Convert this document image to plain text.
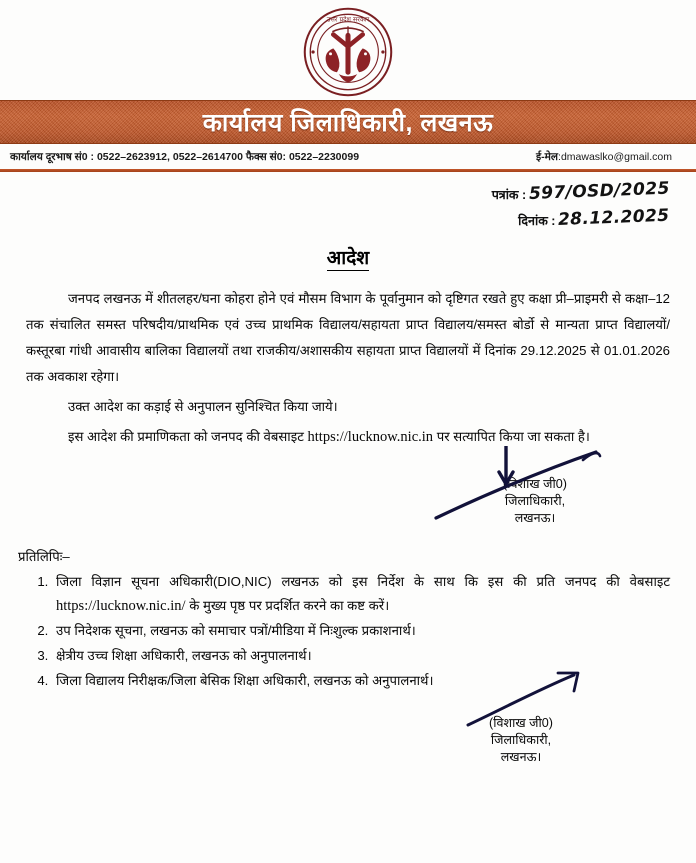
उत्तर प्रदेश सरकार
कार्यालय जिलाधिकारी, लखनऊ
कार्यालय दूरभाष सं0 : 0522–2623912, 0522–2614700 फैक्स सं0: 0522–2230099	ई-मेल:dmawaslko@gmail.com
पत्रांक : 597/OSD/2025
दिनांक : 28.12.2025
आदेश

जनपद लखनऊ में शीतलहर/घना कोहरा होने एवं मौसम विभाग के पूर्वानुमान को दृष्टिगत रखते हुए कक्षा प्री–प्राइमरी से कक्षा–12 तक संचालित समस्त परिषदीय/प्राथमिक एवं उच्च प्राथमिक विद्यालय/सहायता प्राप्त विद्यालय/समस्त बोर्डो से मान्यता प्राप्त विद्यालयों/कस्तूरबा गांधी आवासीय बालिका विद्यालयों तथा राजकीय/अशासकीय सहायता प्राप्त विद्यालयों में दिनांक 29.12.2025 से 01.01.2026 तक अवकाश रहेगा।

उक्त आदेश का कड़ाई से अनुपालन सुनिश्चित किया जाये।

इस आदेश की प्रमाणिकता को जनपद की वेबसाइट https://lucknow.nic.in पर सत्यापित किया जा सकता है।

(विशाख जी0)
जिलाधिकारी,
लखनऊ।
प्रतिलिपिः–
1. जिला विज्ञान सूचना अधिकारी(DIO,NIC) लखनऊ को इस निर्देश के साथ कि इस की प्रति जनपद की वेबसाइट https://lucknow.nic.in/ के मुख्य पृष्ठ पर प्रदर्शित करने का कष्ट करें।
2. उप निदेशक सूचना, लखनऊ को समाचार पत्रों/मीडिया में निःशुल्क प्रकाशनार्थ।
3. क्षेत्रीय उच्च शिक्षा अधिकारी, लखनऊ को अनुपालनार्थ।
4. जिला विद्यालय निरीक्षक/जिला बेसिक शिक्षा अधिकारी, लखनऊ को अनुपालनार्थ।
(विशाख जी0)
जिलाधिकारी,
लखनऊ।
